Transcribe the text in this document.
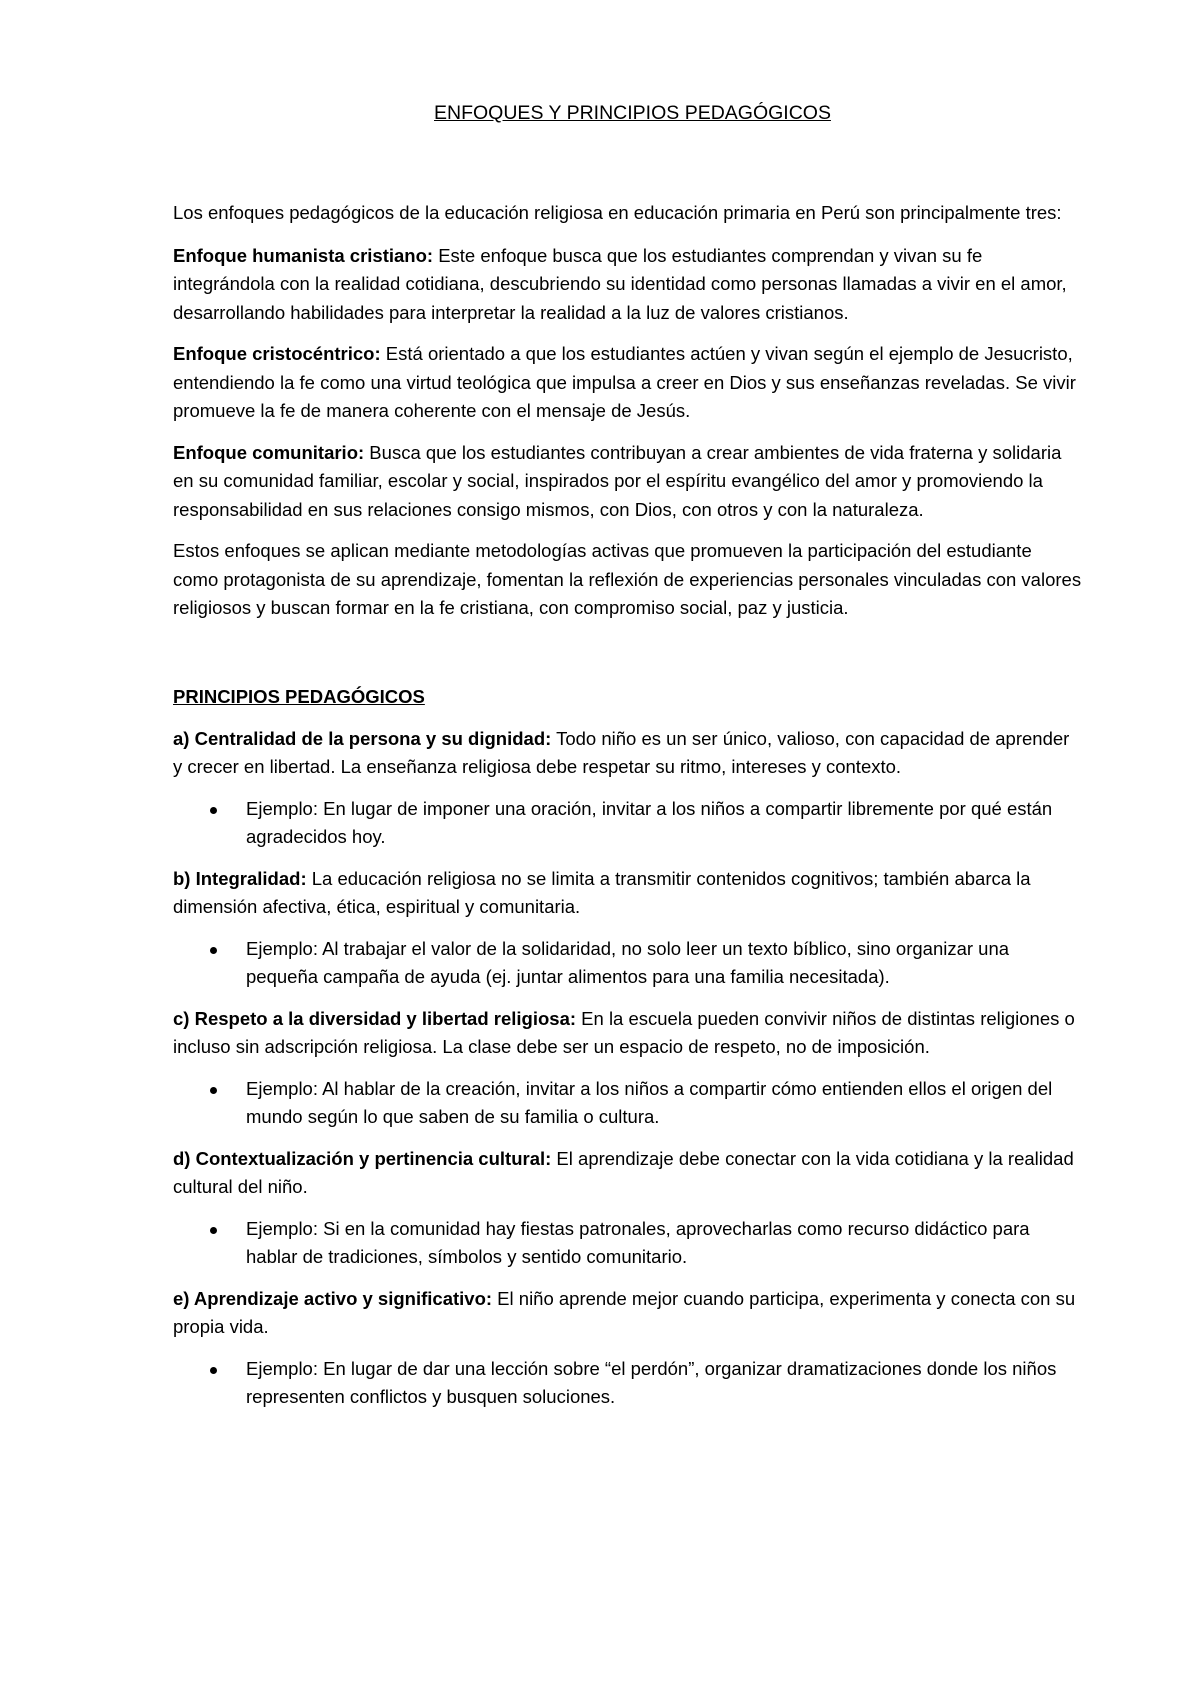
ENFOQUES Y PRINCIPIOS PEDAGÓGICOS

Los enfoques pedagógicos de la educación religiosa en educación primaria en Perú son principalmente tres:

Enfoque humanista cristiano: Este enfoque busca que los estudiantes comprendan y vivan su fe integrándola con la realidad cotidiana, descubriendo su identidad como personas llamadas a vivir en el amor, desarrollando habilidades para interpretar la realidad a la luz de valores cristianos.

Enfoque cristocéntrico: Está orientado a que los estudiantes actúen y vivan según el ejemplo de Jesucristo, entendiendo la fe como una virtud teológica que impulsa a creer en Dios y sus enseñanzas reveladas. Se vivir promueve la fe de manera coherente con el mensaje de Jesús.

Enfoque comunitario: Busca que los estudiantes contribuyan a crear ambientes de vida fraterna y solidaria en su comunidad familiar, escolar y social, inspirados por el espíritu evangélico del amor y promoviendo la responsabilidad en sus relaciones consigo mismos, con Dios, con otros y con la naturaleza.

Estos enfoques se aplican mediante metodologías activas que promueven la participación del estudiante como protagonista de su aprendizaje, fomentan la reflexión de experiencias personales vinculadas con valores religiosos y buscan formar en la fe cristiana, con compromiso social, paz y justicia.

PRINCIPIOS PEDAGÓGICOS

a) Centralidad de la persona y su dignidad: Todo niño es un ser único, valioso, con capacidad de aprender y crecer en libertad. La enseñanza religiosa debe respetar su ritmo, intereses y contexto.

Ejemplo: En lugar de imponer una oración, invitar a los niños a compartir libremente por qué están agradecidos hoy.

b) Integralidad: La educación religiosa no se limita a transmitir contenidos cognitivos; también abarca la dimensión afectiva, ética, espiritual y comunitaria.

Ejemplo: Al trabajar el valor de la solidaridad, no solo leer un texto bíblico, sino organizar una pequeña campaña de ayuda (ej. juntar alimentos para una familia necesitada).

c) Respeto a la diversidad y libertad religiosa: En la escuela pueden convivir niños de distintas religiones o incluso sin adscripción religiosa. La clase debe ser un espacio de respeto, no de imposición.

Ejemplo: Al hablar de la creación, invitar a los niños a compartir cómo entienden ellos el origen del mundo según lo que saben de su familia o cultura.

d) Contextualización y pertinencia cultural: El aprendizaje debe conectar con la vida cotidiana y la realidad cultural del niño.

Ejemplo: Si en la comunidad hay fiestas patronales, aprovecharlas como recurso didáctico para hablar de tradiciones, símbolos y sentido comunitario.

e) Aprendizaje activo y significativo: El niño aprende mejor cuando participa, experimenta y conecta con su propia vida.

Ejemplo: En lugar de dar una lección sobre “el perdón”, organizar dramatizaciones donde los niños representen conflictos y busquen soluciones.
